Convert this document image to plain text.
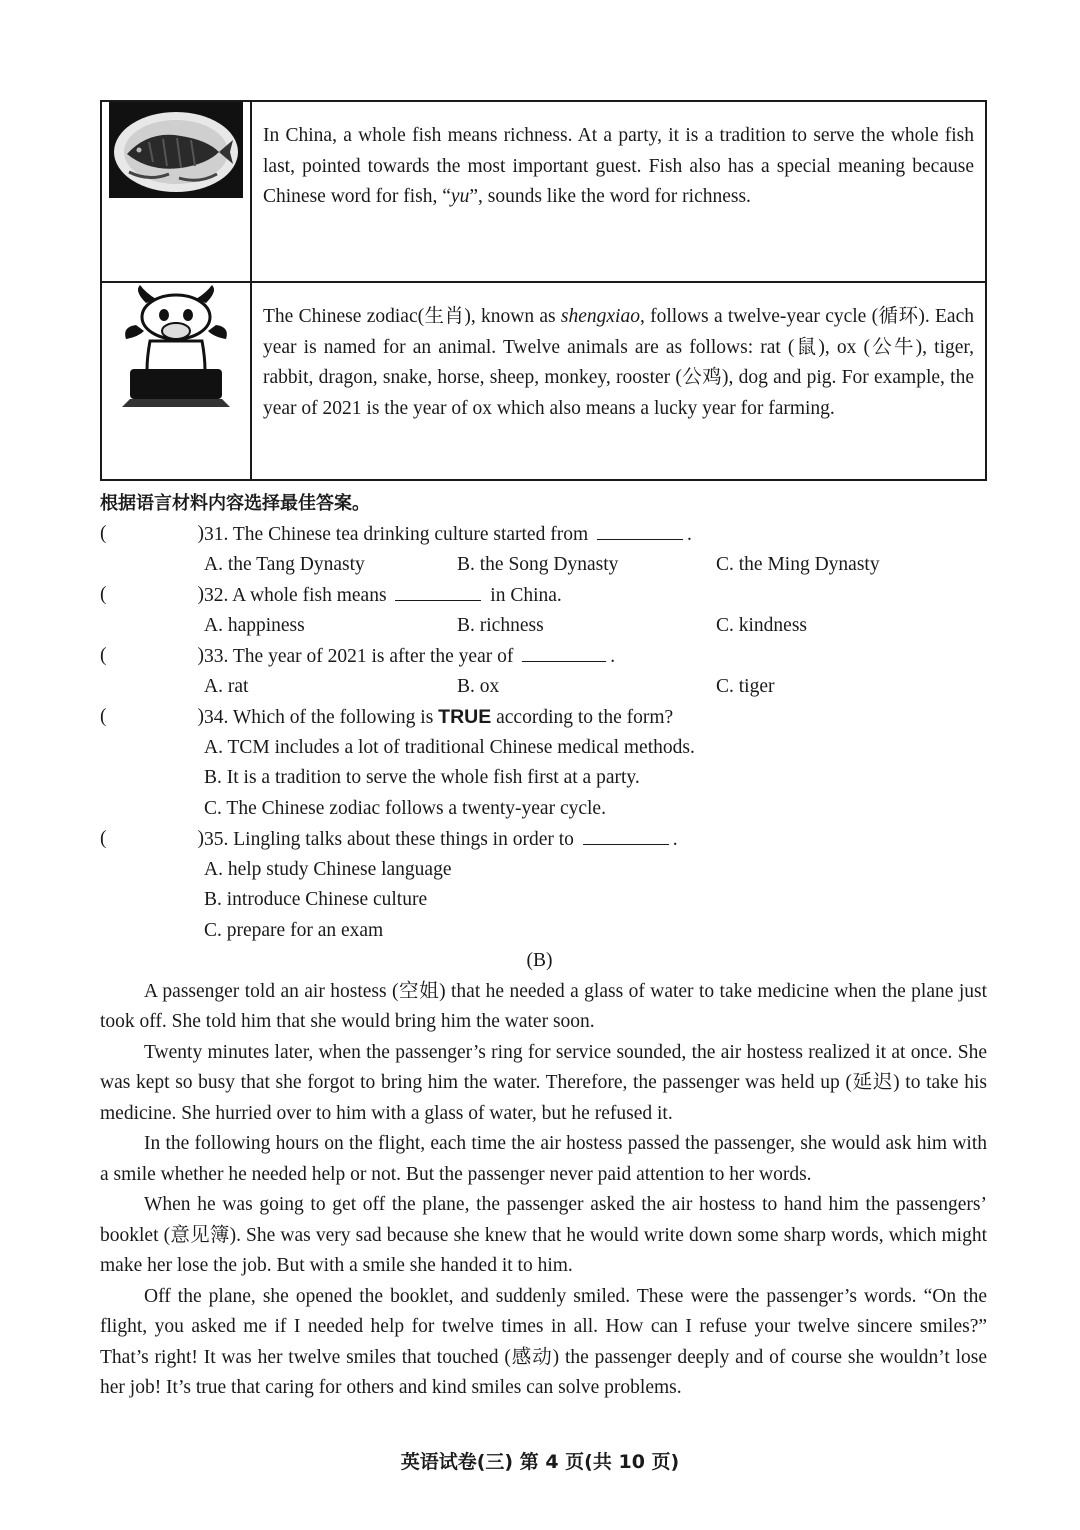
	In China, a whole fish means richness. At a party, it is a tradition to serve the whole fish last, pointed towards the most important guest. Fish also has a special meaning because Chinese word for fish, “yu”, sounds like the word for richness.
	The Chinese zodiac(生肖), known as shengxiao, follows a twelve-year cycle (循环). Each year is named for an animal. Twelve animals are as follows: rat (鼠), ox (公牛), tiger, rabbit, dragon, snake, horse, sheep, monkey, rooster (公鸡), dog and pig. For example, the year of 2021 is the year of ox which also means a lucky year for farming.
根据语言材料内容选择最佳答案。
(	) 31. The Chinese tea drinking culture started from	.
A. the Tang Dynasty	B. the Song Dynasty	C. the Ming Dynasty
(	) 32. A whole fish means	in China.
A. happiness	B. richness	C. kindness
(	) 33. The year of 2021 is after the year of	.
A. rat	B. ox	C. tiger
(	) 34. Which of the following is TRUE according to the form?
A. TCM includes a lot of traditional Chinese medical methods.
B. It is a tradition to serve the whole fish first at a party.
C. The Chinese zodiac follows a twenty-year cycle.
(	) 35. Lingling talks about these things in order to	.
A. help study Chinese language
B. introduce Chinese culture
C. prepare for an exam
(B)

A passenger told an air hostess (空姐) that he needed a glass of water to take medicine when the plane just took off. She told him that she would bring him the water soon.

Twenty minutes later, when the passenger’s ring for service sounded, the air hostess realized it at once. She was kept so busy that she forgot to bring him the water. Therefore, the passenger was held up (延迟) to take his medicine. She hurried over to him with a glass of water, but he refused it.

In the following hours on the flight, each time the air hostess passed the passenger, she would ask him with a smile whether he needed help or not. But the passenger never paid attention to her words.

When he was going to get off the plane, the passenger asked the air hostess to hand him the passengers’ booklet (意见簿). She was very sad because she knew that he would write down some sharp words, which might make her lose the job. But with a smile she handed it to him.

Off the plane, she opened the booklet, and suddenly smiled. These were the passenger’s words. “On the flight, you asked me if I needed help for twelve times in all. How can I refuse your twelve sincere smiles?” That’s right! It was her twelve smiles that touched (感动) the passenger deeply and of course she wouldn’t lose her job! It’s true that caring for others and kind smiles can solve problems.

英语试卷(三) 第 4 页(共 10 页)
